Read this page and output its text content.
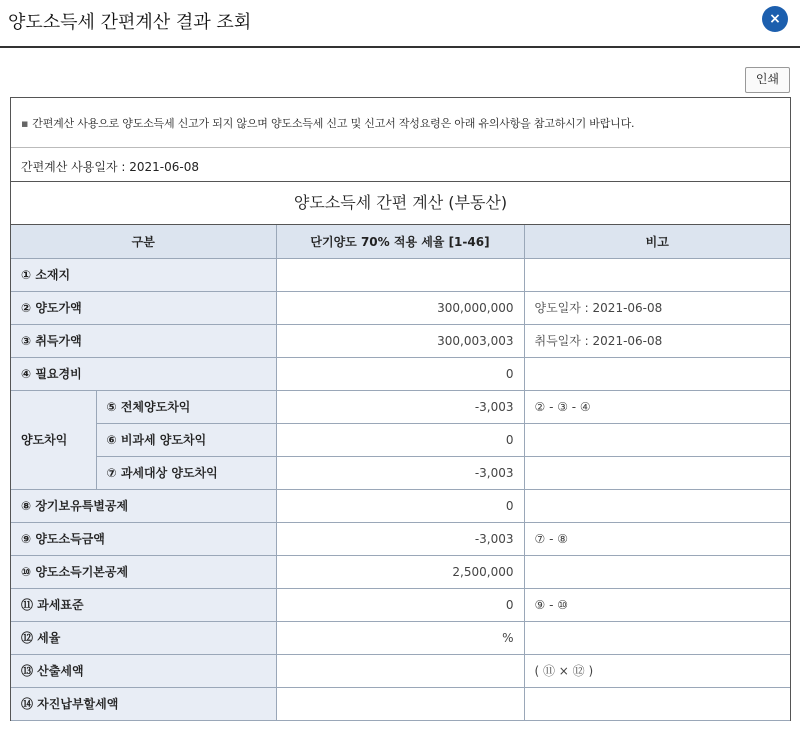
양도소득세 간편계산 결과 조회	×
인쇄
▪ 간편계산 사용으로 양도소득세 신고가 되지 않으며 양도소득세 신고 및 신고서 작성요령은 아래 유의사항을 참고하시기 바랍니다.
간편계산 사용일자 : 2021-06-08
양도소득세 간편 계산 (부동산)
구분		단기양도 70% 적용 세율 [1-46]	비고
① 소재지			
② 양도가액		300,000,000	양도일자 : 2021-06-08
③ 취득가액		300,003,003	취득일자 : 2021-06-08
④ 필요경비		0	
양도차익	⑤ 전체양도차익	-3,003	② - ③ - ④
	⑥ 비과세 양도차익	0	
	⑦ 과세대상 양도차익	-3,003	
⑧ 장기보유특별공제		0	
⑨ 양도소득금액		-3,003	⑦ - ⑧
⑩ 양도소득기본공제		2,500,000	
⑪ 과세표준		0	⑨ - ⑩
⑫ 세율		%	
⑬ 산출세액			( ⑪ × ⑫ )
⑭ 자진납부할세액			
